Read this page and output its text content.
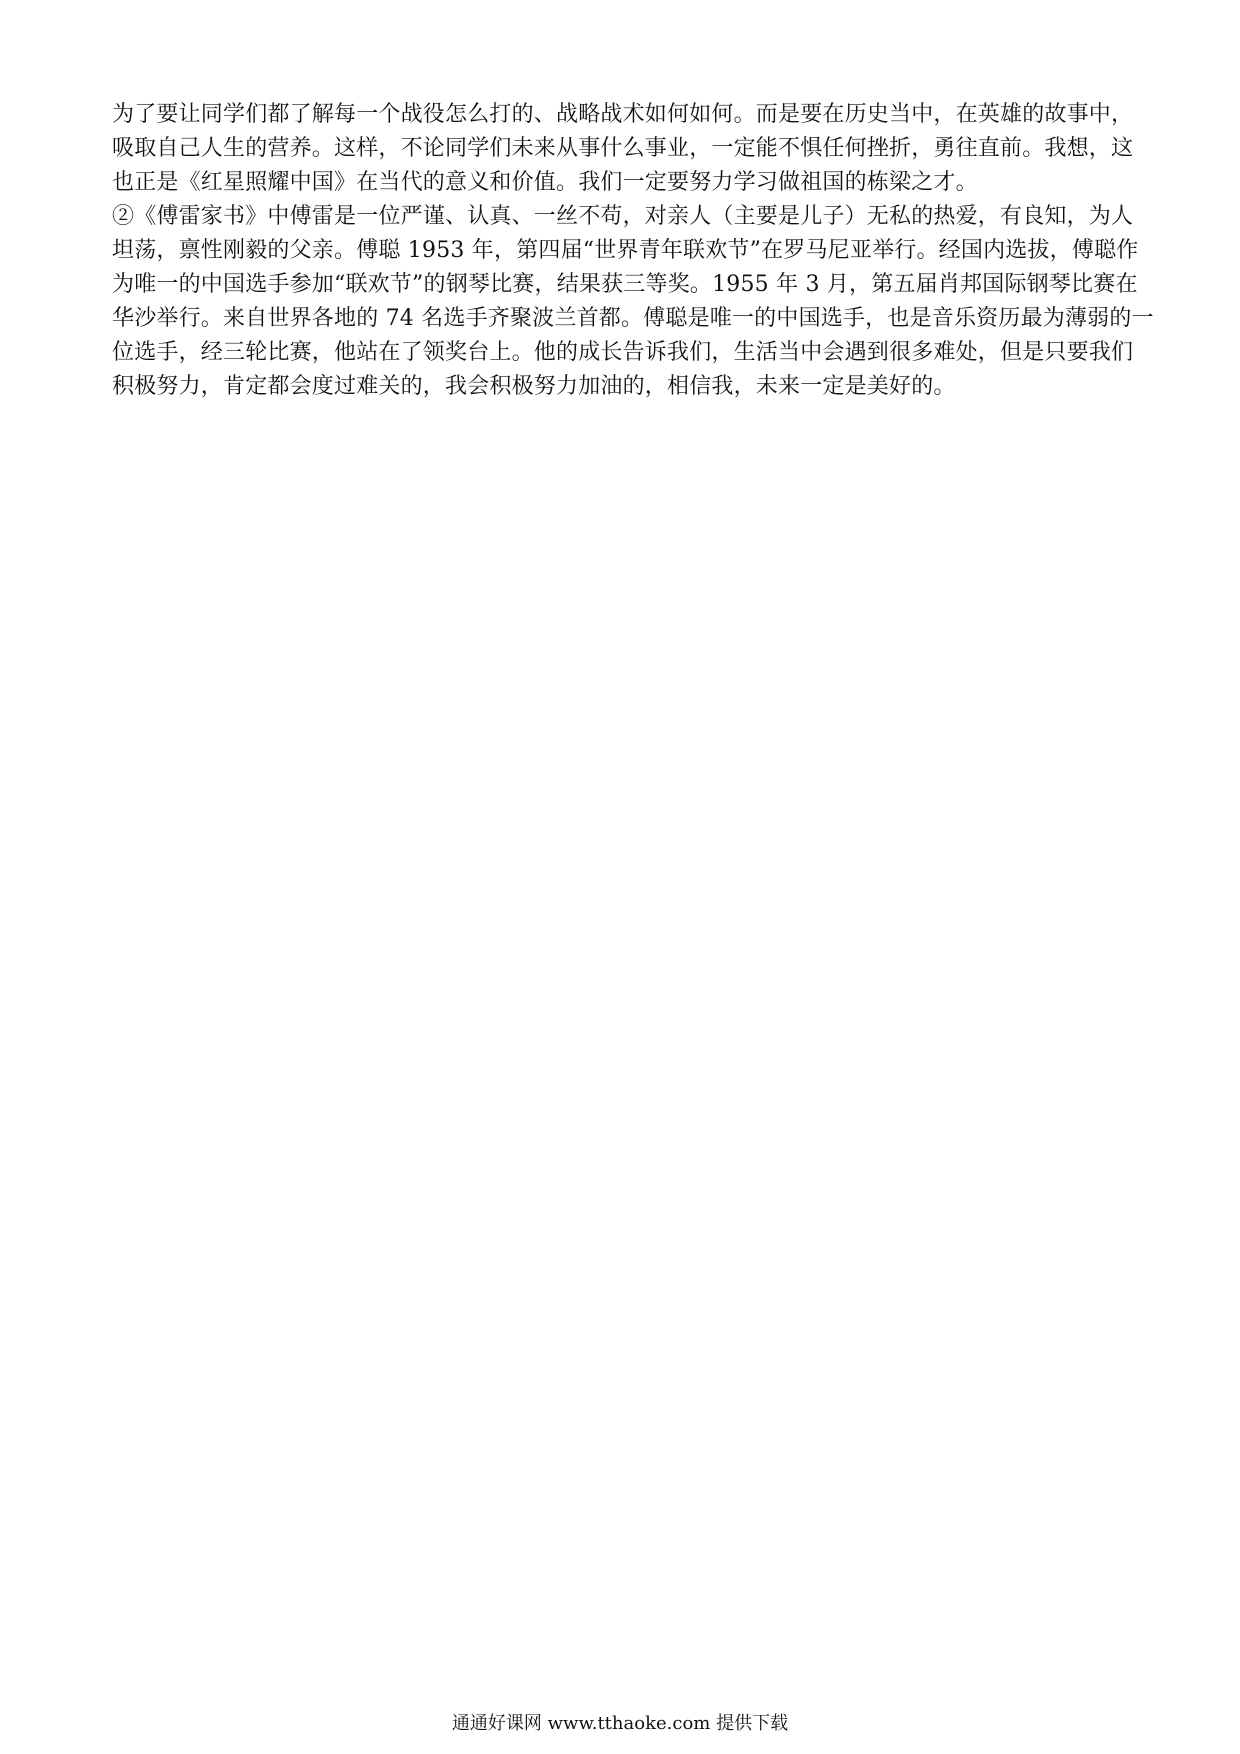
为了要让同学们都了解每一个战役怎么打的、战略战术如何如何。而是要在历史当中，在英雄的故事中，

吸取自己人生的营养。这样，不论同学们未来从事什么事业，一定能不惧任何挫折，勇往直前。我想，这

也正是《红星照耀中国》在当代的意义和价值。我们一定要努力学习做祖国的栋梁之才。

②《傅雷家书》中傅雷是一位严谨、认真、一丝不苟，对亲人（主要是儿子）无私的热爱，有良知，为人

坦荡，禀性刚毅的父亲。傅聪 1953 年，第四届“世界青年联欢节”在罗马尼亚举行。经国内选拔，傅聪作

为唯一的中国选手参加“联欢节”的钢琴比赛，结果获三等奖。1955 年 3 月，第五届肖邦国际钢琴比赛在

华沙举行。来自世界各地的 74 名选手齐聚波兰首都。傅聪是唯一的中国选手，也是音乐资历最为薄弱的一

位选手，经三轮比赛，他站在了领奖台上。他的成长告诉我们，生活当中会遇到很多难处，但是只要我们

积极努力，肯定都会度过难关的，我会积极努力加油的，相信我，未来一定是美好的。

通通好课网 www.tthaoke.com 提供下载
